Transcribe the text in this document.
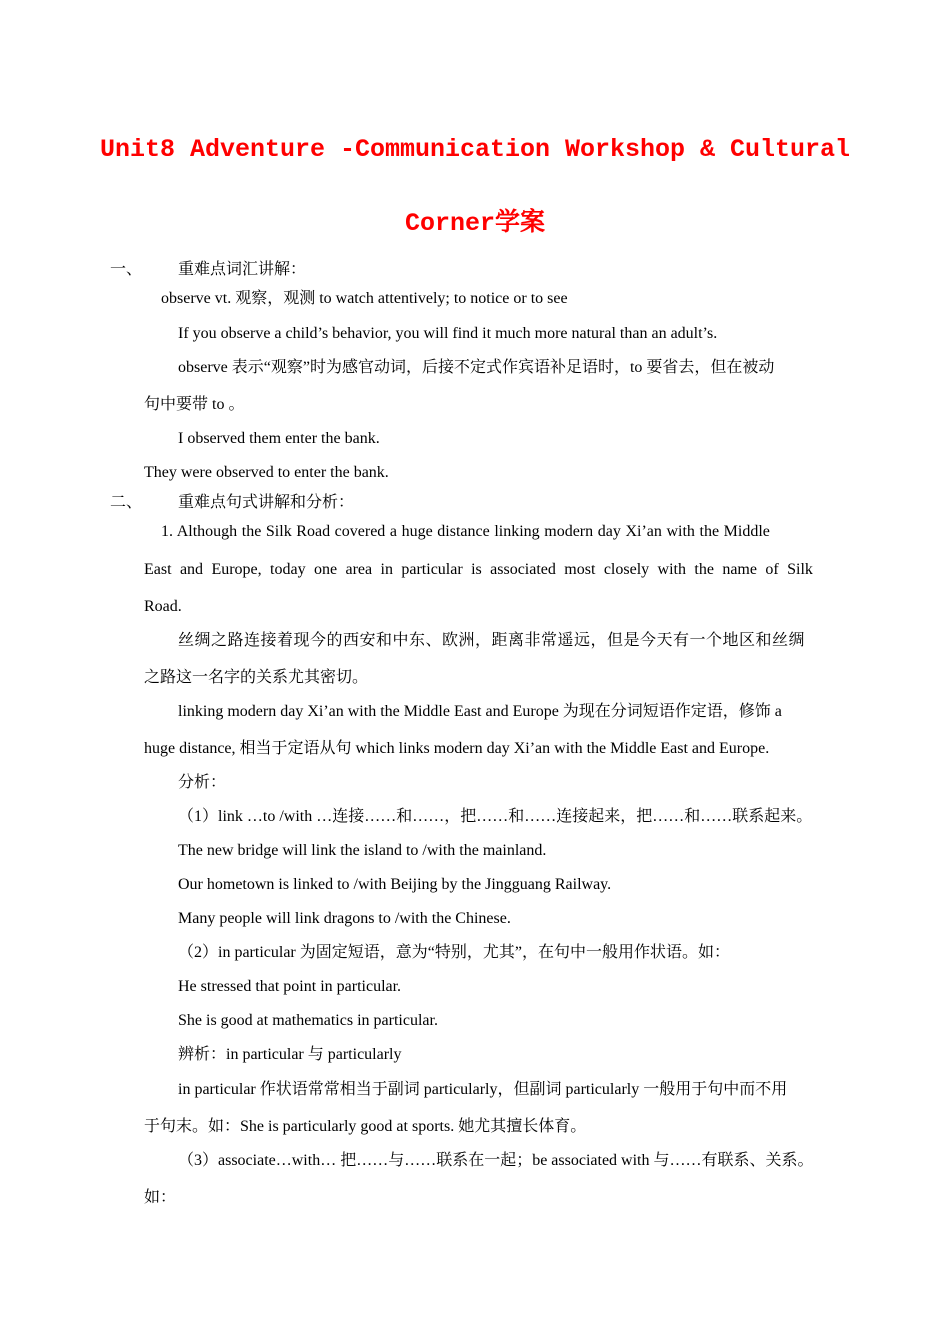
Unit8 Adventure -Communication Workshop & Cultural
Corner学案
一、 重难点词汇讲解：
observe vt. 观察，观测 to watch attentively; to notice or to see
If you observe a child’s behavior, you will find it much more natural than an adult’s.
observe 表示“观察”时为感官动词，后接不定式作宾语补足语时，to 要省去，但在被动
句中要带 to 。
I observed them enter the bank.
They were observed to enter the bank.
二、 重难点句式讲解和分析：
1. Although the Silk Road covered a huge distance linking modern day Xi’an with the Middle
East and Europe, today one area in particular is associated most closely with the name of Silk
Road.
丝绸之路连接着现今的西安和中东、欧洲，距离非常遥远，但是今天有一个地区和丝绸
之路这一名字的关系尤其密切。
linking modern day Xi’an with the Middle East and Europe 为现在分词短语作定语，修饰 a
huge distance, 相当于定语从句 which links modern day Xi’an with the Middle East and Europe.
分析：
（1）link …to /with …连接……和……，把……和……连接起来，把……和……联系起来。
The new bridge will link the island to /with the mainland.
Our hometown is linked to /with Beijing by the Jingguang Railway.
Many people will link dragons to /with the Chinese.
（2）in particular 为固定短语，意为“特别，尤其”，在句中一般用作状语。如：
He stressed that point in particular.
She is good at mathematics in particular.
辨析：in particular 与 particularly
in particular 作状语常常相当于副词 particularly，但副词 particularly 一般用于句中而不用
于句末。如：She is particularly good at sports. 她尤其擅长体育。
（3）associate…with… 把……与……联系在一起；be associated with 与……有联系、关系。
如：
